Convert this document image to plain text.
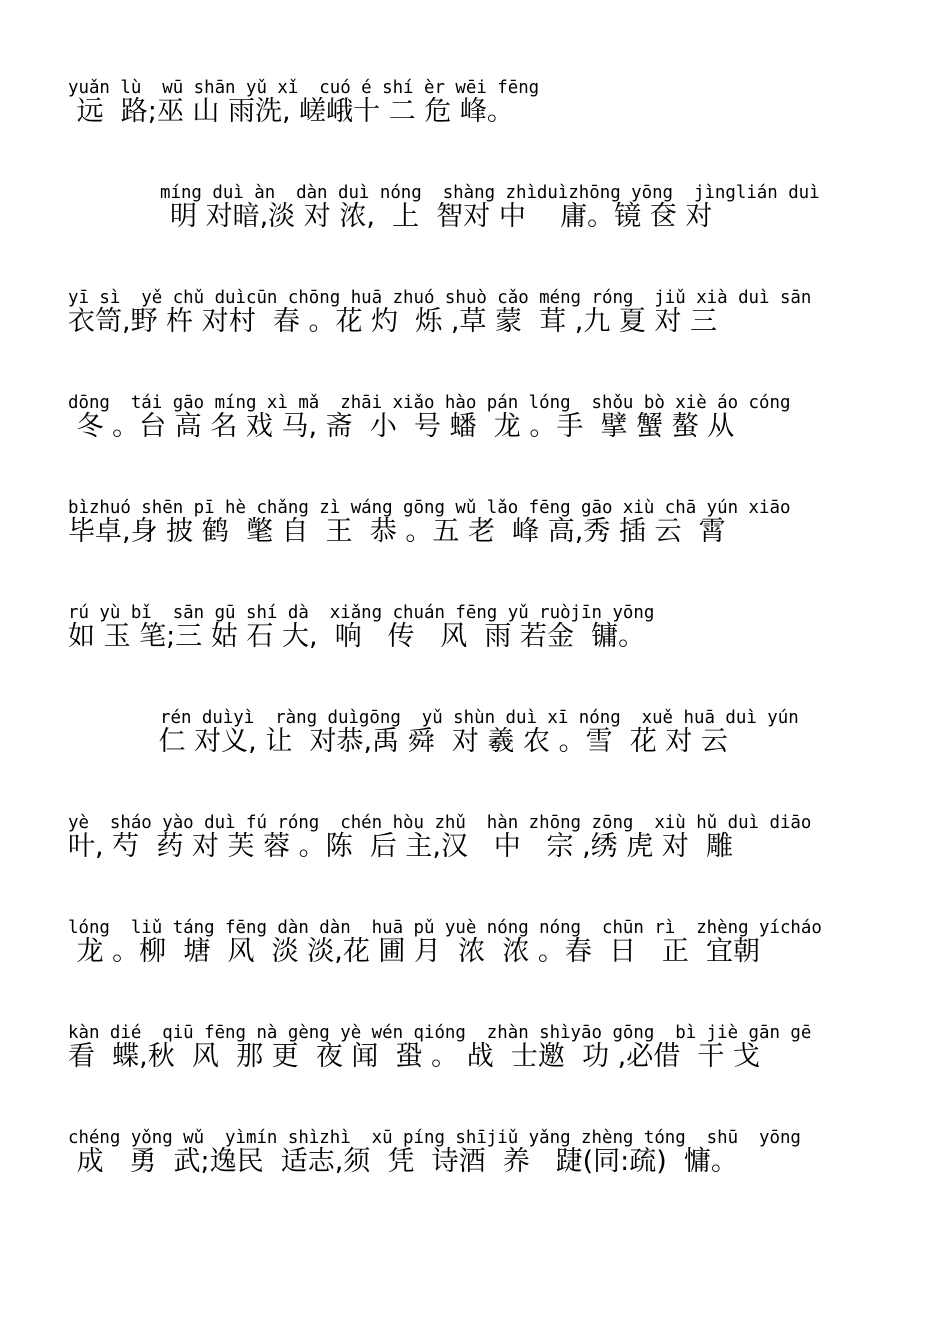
yuǎn lù  wū shān yǔ xǐ  cuó é shí èr wēi fēng
远  路;巫 山 雨洗, 嵯峨十 二 危 峰。
míng duì àn  dàn duì nóng  shàng zhìduìzhōng yōng  jìnglián duì
明 对暗,淡 对 浓,  上  智对 中    庸。镜 奁 对
yī sì  yě chǔ duìcūn chōng huā zhuó shuò cǎo méng róng  jiǔ xià duì sān
衣笥,野 杵 对村  春 。花 灼  烁 ,草 蒙  茸 ,九 夏 对 三
dōng  tái gāo míng xì mǎ  zhāi xiǎo hào pán lóng  shǒu bò xiè áo cóng
冬 。台 高 名 戏 马, 斋  小  号 蟠  龙 。手  擘 蟹 螯 从
bìzhuó shēn pī hè chǎng zì wáng gōng wǔ lǎo fēng gāo xiù chā yún xiāo
毕卓,身 披 鹤  氅 自  王  恭 。五 老  峰 高,秀 插 云  霄
rú yù bǐ  sān gū shí dà  xiǎng chuán fēng yǔ ruòjīn yōng
如 玉 笔;三 姑 石 大,  响   传   风  雨 若金  镛。
rén duìyì  ràng duìgōng  yǔ shùn duì xī nóng  xuě huā duì yún
仁 对义, 让  对恭,禹 舜  对 羲 农 。雪  花 对 云
yè  sháo yào duì fú róng  chén hòu zhǔ  hàn zhōng zōng  xiù hǔ duì diāo
叶, 芍  药 对 芙 蓉 。陈  后 主,汉   中   宗 ,绣 虎 对  雕
lóng  liǔ táng fēng dàn dàn  huā pǔ yuè nóng nóng  chūn rì  zhèng yícháo
龙 。柳  塘  风  淡 淡,花 圃 月  浓  浓 。春  日   正  宜朝
kàn dié  qiū fēng nà gèng yè wén qióng  zhàn shìyāo gōng  bì jiè gān gē
看  蝶,秋  风  那 更  夜 闻  蛩 。 战  士邀  功 ,必借  干 戈
chéng yǒng wǔ  yìmín shìzhì  xū píng shījiǔ yǎng zhèng tóng  shū  yōng
成   勇  武;逸民  适志,须  凭  诗酒  养   踕(同:疏)  慵。
